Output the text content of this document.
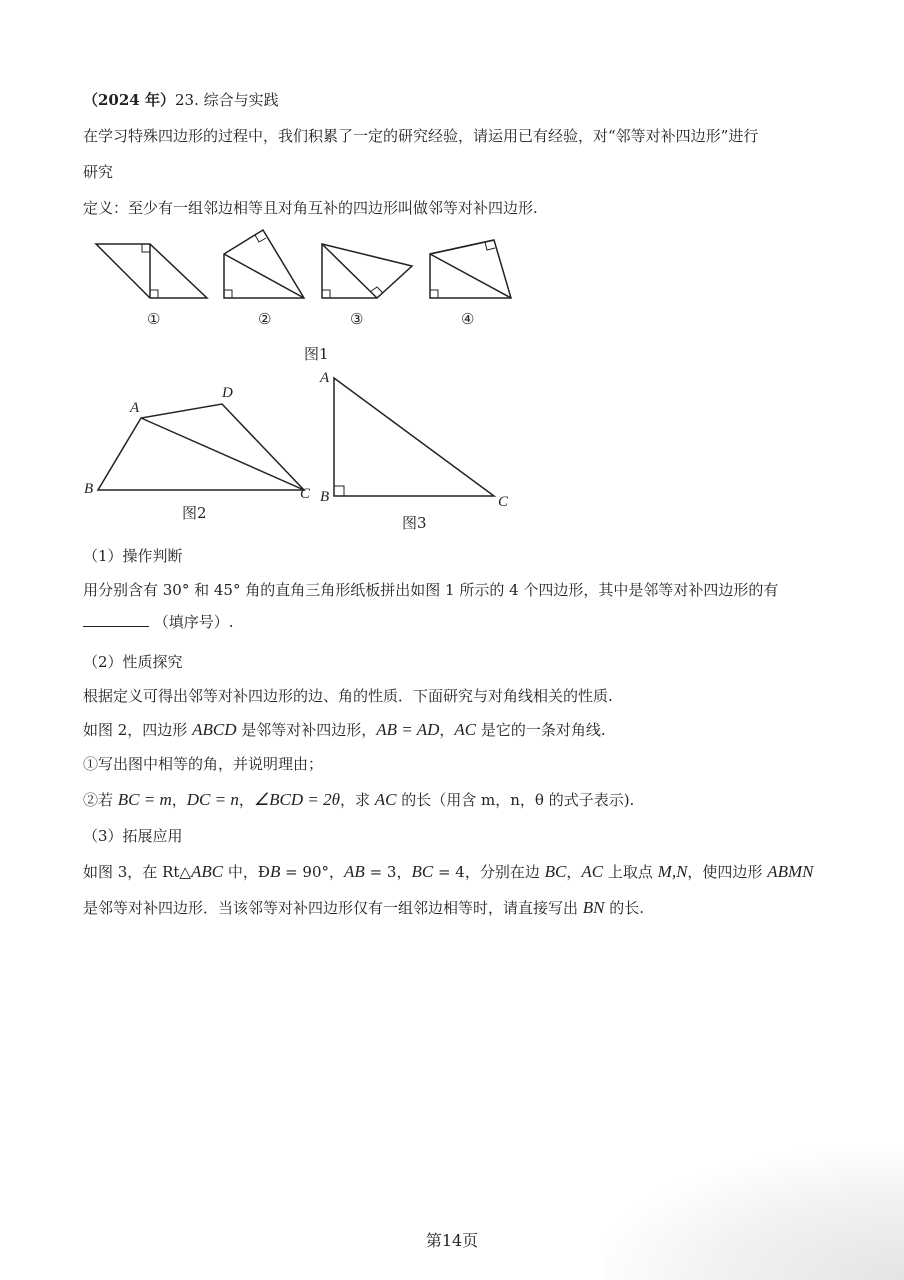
（2024 年）23. 综合与实践
在学习特殊四边形的过程中，我们积累了一定的研究经验，请运用已有经验，对“邻等对补四边形”进行
研究
定义：至少有一组邻边相等且对角互补的四边形叫做邻等对补四边形.
①	②	③	④
图1
A
B	C
D
图2
A
B	C
图3
（1）操作判断
用分别含有 30° 和 45° 角的直角三角形纸板拼出如图 1 所示的 4 个四边形，其中是邻等对补四边形的有
（填序号）.
（2）性质探究
根据定义可得出邻等对补四边形的边、角的性质．下面研究与对角线相关的性质.
如图 2，四边形 ABCD 是邻等对补四边形，AB = AD，AC 是它的一条对角线.
①写出图中相等的角，并说明理由；
②若 BC = m，DC = n，∠BCD = 2θ，求 AC 的长（用含 m，n，θ 的式子表示).
（3）拓展应用
如图 3，在 Rt△ABC 中，ÐB = 90°，AB = 3，BC = 4，分别在边 BC，AC 上取点 M,N，使四边形 ABMN
是邻等对补四边形．当该邻等对补四边形仅有一组邻边相等时，请直接写出 BN 的长.
第14页
